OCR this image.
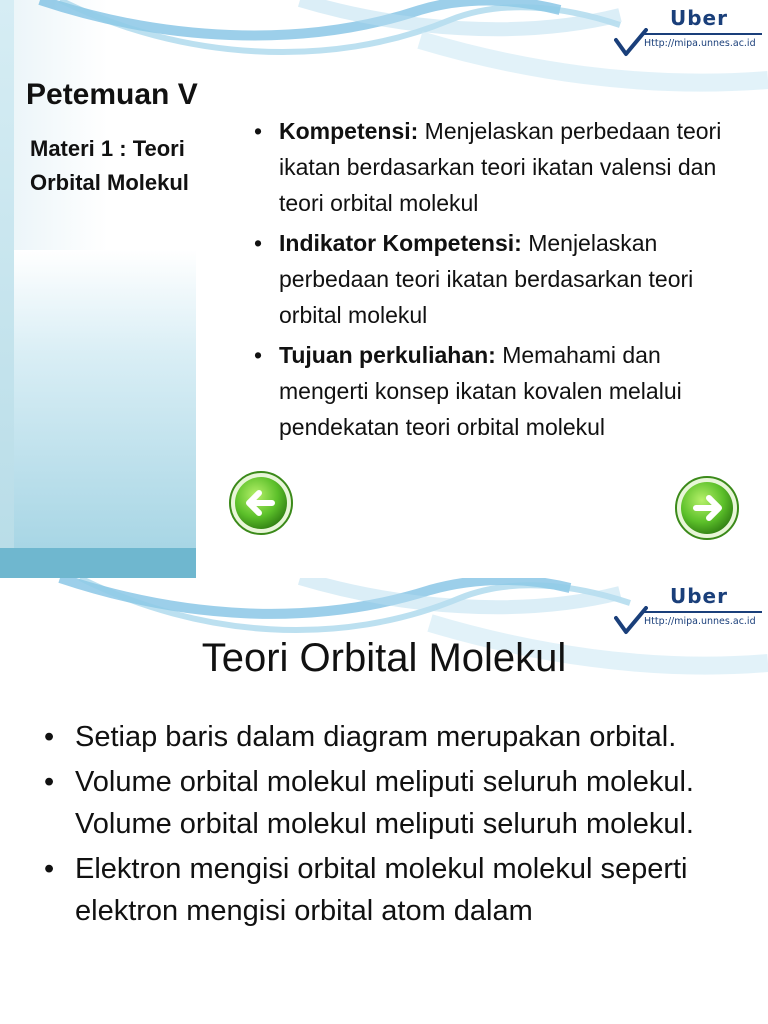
Uber
Http://mipa.unnes.ac.id
Petemuan V
Materi 1 : Teori Orbital Molekul
• Kompetensi: Menjelaskan perbedaan teori ikatan berdasarkan teori ikatan valensi dan teori orbital molekul
• Indikator Kompetensi: Menjelaskan perbedaan teori ikatan berdasarkan teori orbital molekul
• Tujuan perkuliahan: Memahami dan mengerti konsep ikatan kovalen melalui pendekatan teori orbital molekul
Uber
Http://mipa.unnes.ac.id
Teori Orbital Molekul
• Setiap baris dalam diagram merupakan orbital.
• Volume orbital molekul meliputi seluruh molekul. Volume orbital molekul meliputi seluruh molekul.
• Elektron mengisi orbital molekul molekul seperti elektron mengisi orbital atom dalam
